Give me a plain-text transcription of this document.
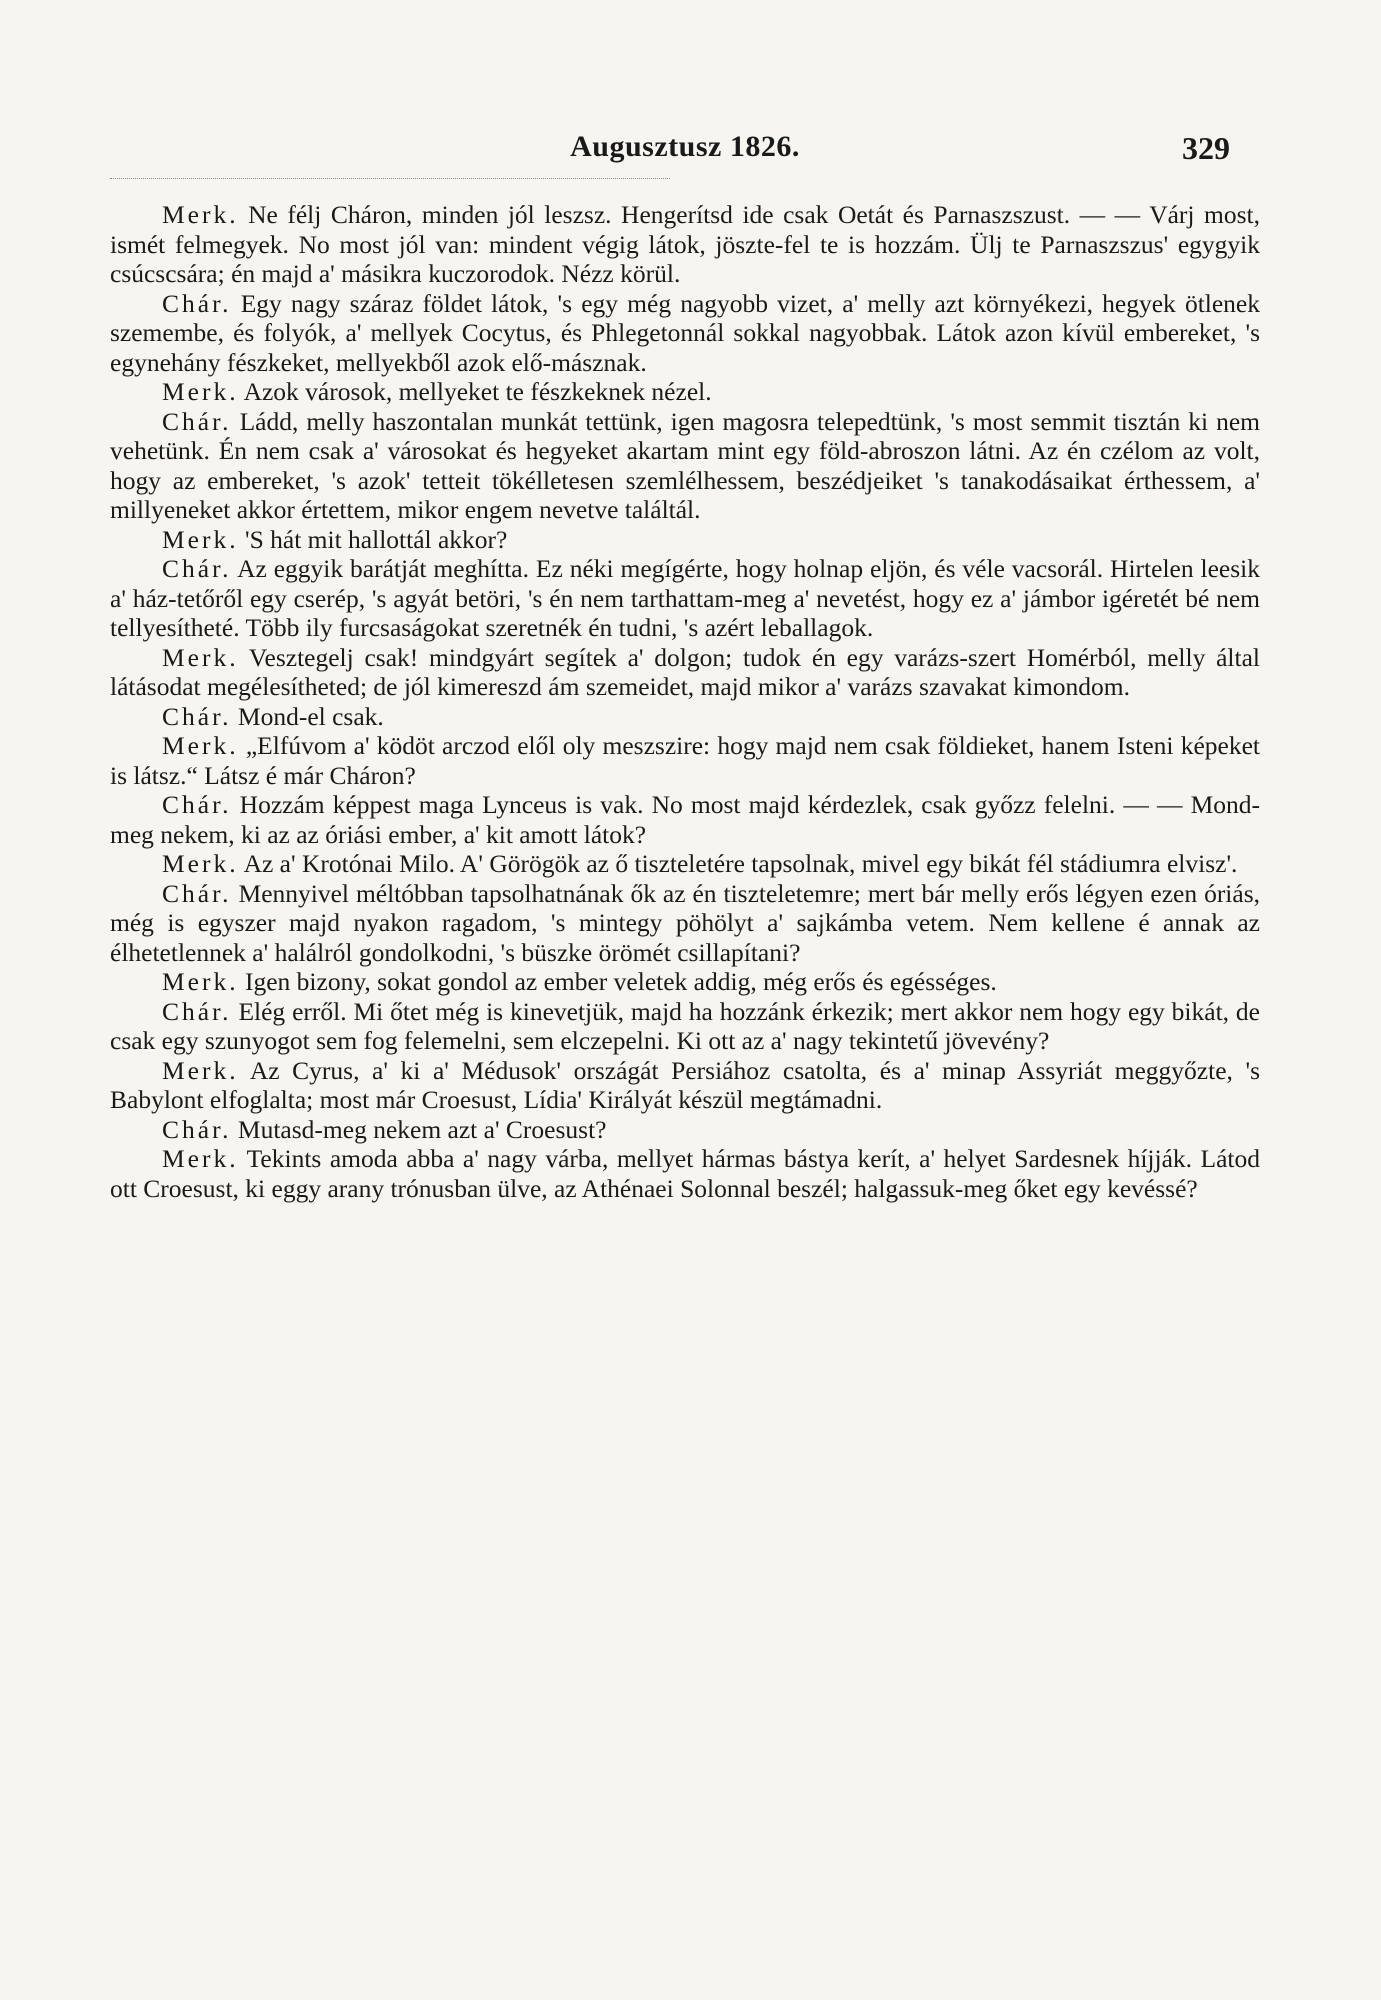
Augusztusz 1826.	329

Merk. Ne félj Cháron, minden jól leszsz. Hengerítsd ide csak Oetát és Parnaszszust. — — Várj most, ismét felmegyek. No most jól van: mindent végig látok, jöszte-fel te is hozzám. Ülj te Parnaszszus' egygyik csúcscsára; én majd a' másikra kuczorodok. Nézz körül.

Chár. Egy nagy száraz földet látok, 's egy még nagyobb vizet, a' melly azt környékezi, hegyek ötlenek szemembe, és folyók, a' mellyek Cocytus, és Phlegetonnál sokkal nagyobbak. Látok azon kívül embereket, 's egynehány fészkeket, mellyekből azok elő-másznak.

Merk. Azok városok, mellyeket te fészkeknek nézel.

Chár. Ládd, melly haszontalan munkát tettünk, igen magosra telepedtünk, 's most semmit tisztán ki nem vehetünk. Én nem csak a' városokat és hegyeket akartam mint egy föld-abroszon látni. Az én czélom az volt, hogy az embereket, 's azok' tetteit tökélletesen szemlélhessem, beszédjeiket 's tanakodásaikat érthessem, a' millyeneket akkor értettem, mikor engem nevetve találtál.

Merk. 'S hát mit hallottál akkor?

Chár. Az eggyik barátját meghítta. Ez néki megígérte, hogy holnap eljön, és véle vacsorál. Hirtelen leesik a' ház-tetőről egy cserép, 's agyát betöri, 's én nem tarthattam-meg a' nevetést, hogy ez a' jámbor igéretét bé nem tellyesítheté. Több ily furcsaságokat szeretnék én tudni, 's azért leballagok.

Merk. Vesztegelj csak! mindgyárt segítek a' dolgon; tudok én egy varázs-szert Homérból, melly által látásodat megélesítheted; de jól kimereszd ám szemeidet, majd mikor a' varázs szavakat kimondom.

Chár. Mond-el csak.

Merk. „Elfúvom a' ködöt arczod elől oly meszszire: hogy majd nem csak földieket, hanem Isteni képeket is látsz.“ Látsz é már Cháron?

Chár. Hozzám képpest maga Lynceus is vak. No most majd kérdezlek, csak győzz felelni. — — Mond-meg nekem, ki az az óriási ember, a' kit amott látok?

Merk. Az a' Krotónai Milo. A' Görögök az ő tiszteletére tapsolnak, mivel egy bikát fél stádiumra elvisz'.

Chár. Mennyivel méltóbban tapsolhatnának ők az én tiszteletemre; mert bár melly erős légyen ezen óriás, még is egyszer majd nyakon ragadom, 's mintegy pöhölyt a' sajkámba vetem. Nem kellene é annak az élhetetlennek a' halálról gondolkodni, 's büszke örömét csillapítani?

Merk. Igen bizony, sokat gondol az ember veletek addig, még erős és egésséges.

Chár. Elég erről. Mi őtet még is kinevetjük, majd ha hozzánk érkezik; mert akkor nem hogy egy bikát, de csak egy szunyogot sem fog felemelni, sem elczepelni. Ki ott az a' nagy tekintetű jövevény?

Merk. Az Cyrus, a' ki a' Médusok' országát Persiához csatolta, és a' minap Assyriát meggyőzte, 's Babylont elfoglalta; most már Croesust, Lídia' Királyát készül megtámadni.

Chár. Mutasd-meg nekem azt a' Croesust?

Merk. Tekints amoda abba a' nagy várba, mellyet hármas bástya kerít, a' helyet Sardesnek híjják. Látod ott Croesust, ki eggy arany trónusban ülve, az Athénaei Solonnal beszél; halgassuk-meg őket egy kevéssé?
